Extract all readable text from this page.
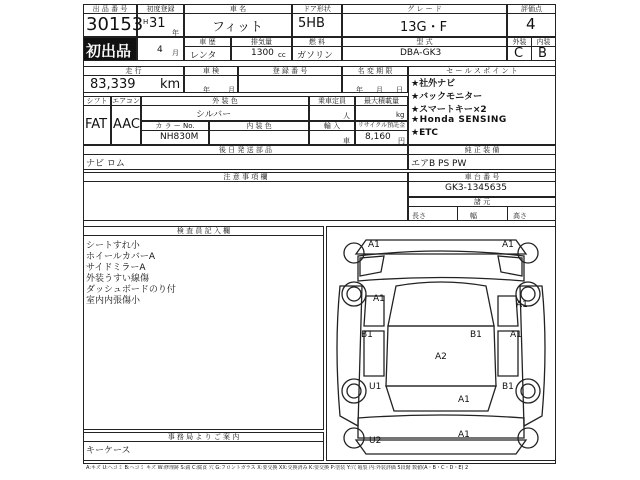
出 品 番 号
30153
初出品
初度登録
H 31
年
4 月
車 名
フィット
ドア形状
5HB
グ レ ー ド
13G・F
評価点
4
車 歴
レンタ
排気量
1300 cc
燃 料
ガソリン
型 式
DBA-GK3
外装	内装
C B
走 行
83,339 km
車 検
年	月
登 録 番 号	名 変 期 限
年 月 日
セ ー ル ス ポ イ ン ト
★社外ナビ
★バックモニター
★スマートキー×2
★Honda SENSING
★ETC
シフト
FAT
エアコン
AAC
外 装 色
シルバー
乗車定員
人
最大積載量
kg
カ ラ ー No.
NH830M
内 装 色	輸 入
車
リサイクル預託金
8,160 円
後 日 発 送 部 品
ナビ ロム
純 正 装 備
エアB PS PW
注 意 事 項 欄	車 台 番 号
GK3-1345635
諸 元
長さ	幅	高さ
検 査 員 記 入 欄
シートすれ小
ホイールカバーA
サイドミラーA
外装うすい線傷
ダッシュボードのり付
室内内張傷小
事 務 局 よ り ご 案 内
キーケース
A1	A1
A1
A1
B1	B1	A1
A2
U1	B1
A1
U2
A1
A:キズ U:へコミ B:ヘコミ キズ W:修理跡 S:錆 C:腐食 穴 G:フロントガラス X:要交換 XX:交換済み K:要交換 P:塗装 Y:穴 亀裂 内:外装評価 5段階 数値(A・B・C・D・E) 2
